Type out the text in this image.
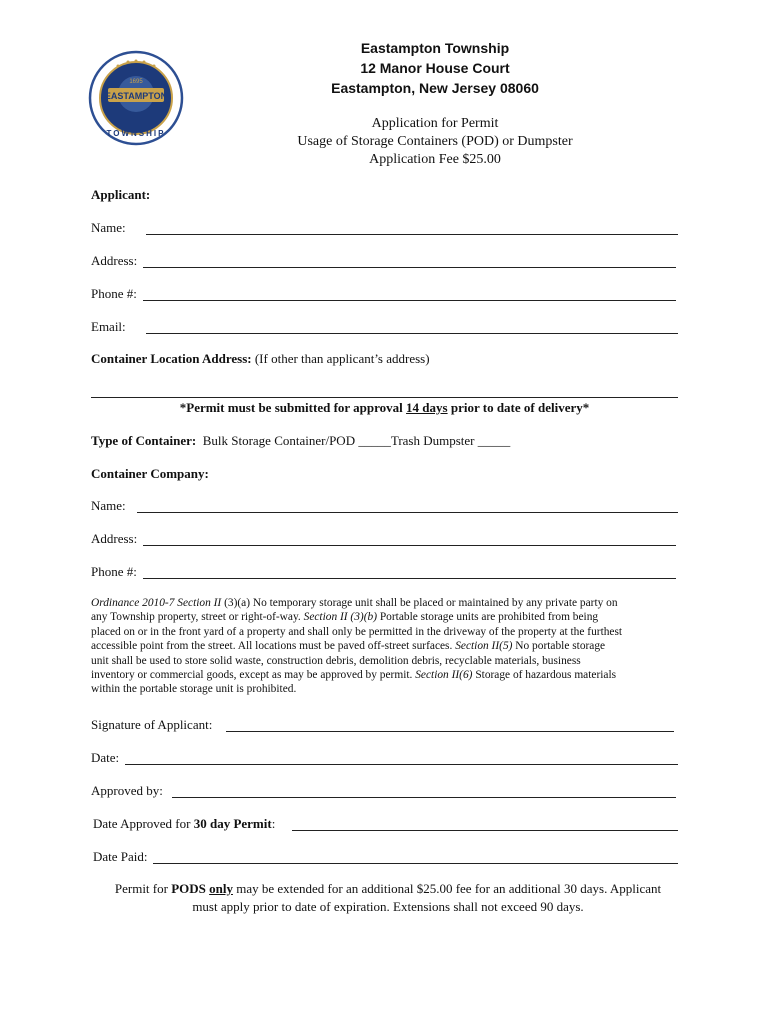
EASTAMPTON
1695
TOWNSHIP
Eastampton Township
12 Manor House Court
Eastampton, New Jersey 08060
Application for Permit
Usage of Storage Containers (POD) or Dumpster
Application Fee $25.00
Applicant:
Name:
Address:
Phone #:
Email:
Container Location Address: (If other than applicant’s address)
*Permit must be submitted for approval 14 days prior to date of delivery*
Type of Container: Bulk Storage Container/POD _____Trash Dumpster _____
Container Company:
Name:
Address:
Phone #:
Ordinance 2010-7 Section II (3)(a) No temporary storage unit shall be placed or maintained by any private party on
any Township property, street or right-of-way. Section II (3)(b) Portable storage units are prohibited from being
placed on or in the front yard of a property and shall only be permitted in the driveway of the property at the furthest
accessible point from the street. All locations must be paved off-street surfaces. Section II(5) No portable storage
unit shall be used to store solid waste, construction debris, demolition debris, recyclable materials, business
inventory or commercial goods, except as may be approved by permit. Section II(6) Storage of hazardous materials
within the portable storage unit is prohibited.
Signature of Applicant:
Date:
Approved by:
Date Approved for 30 day Permit:
Date Paid:
Permit for PODS only may be extended for an additional $25.00 fee for an additional 30 days. Applicant
must apply prior to date of expiration. Extensions shall not exceed 90 days.
